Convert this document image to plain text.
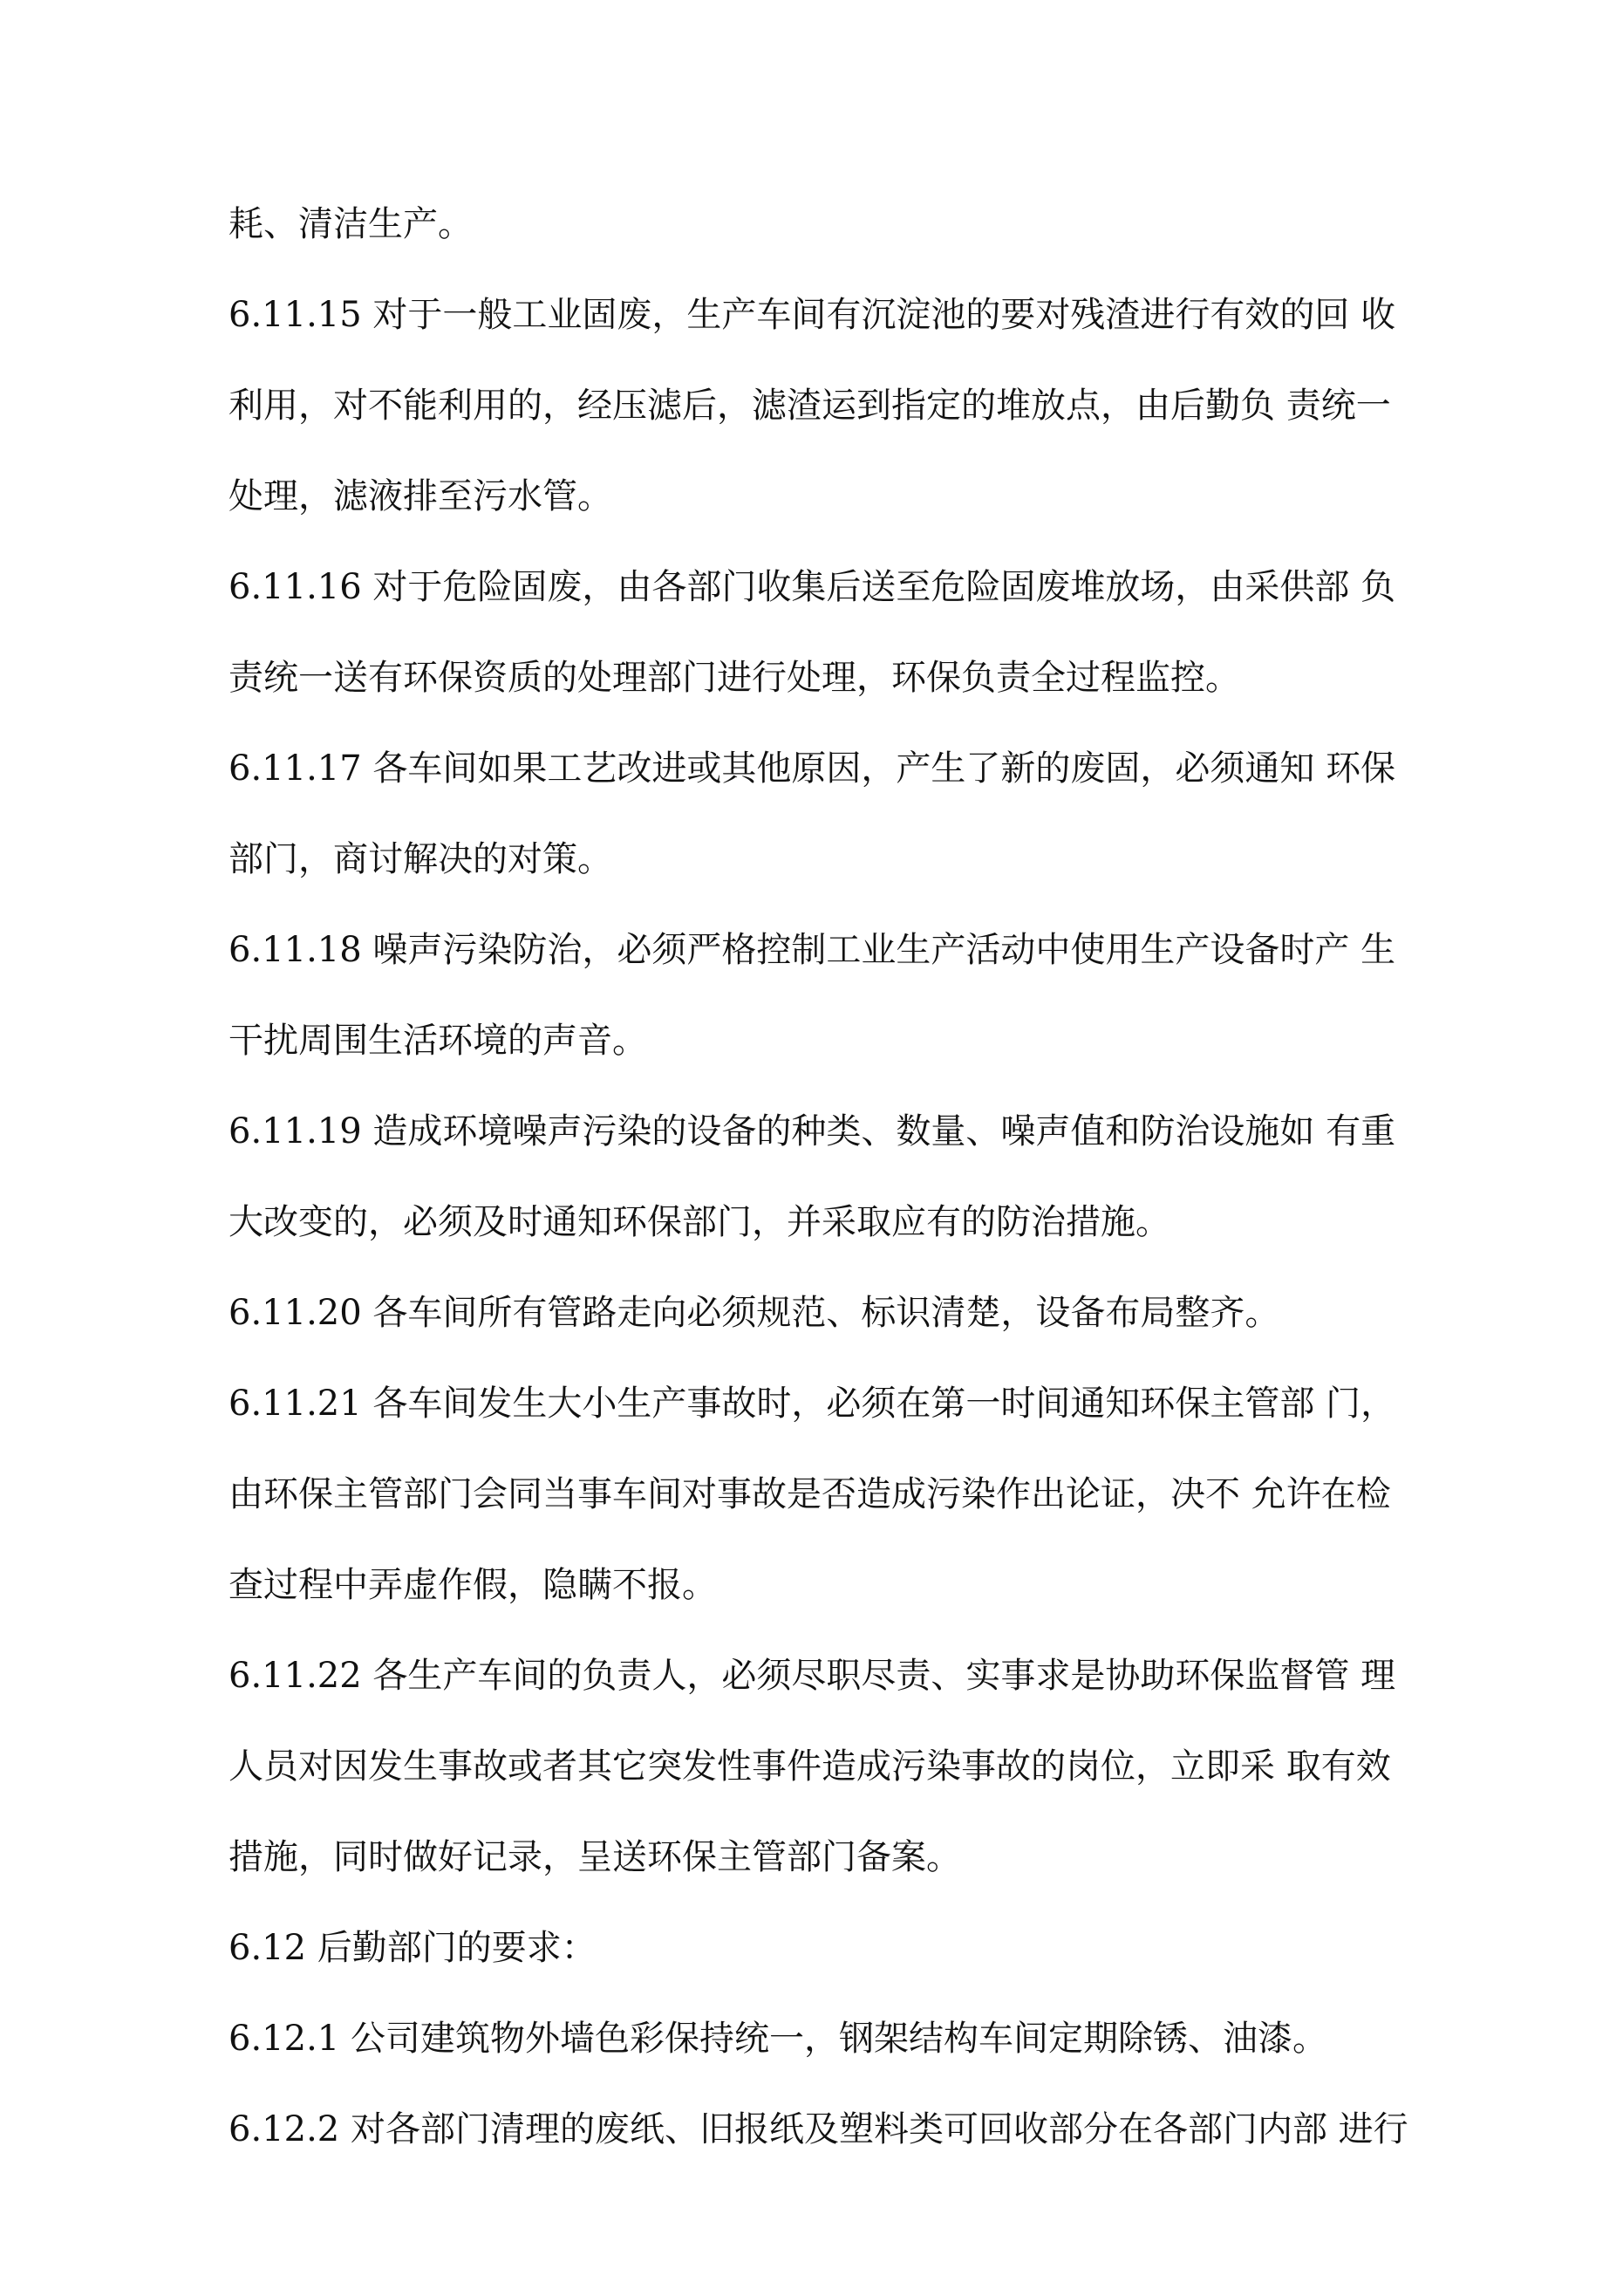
耗、清洁生产。
6.11.15 对于一般工业固废，生产车间有沉淀池的要对残渣进行有效的回 收
利用，对不能利用的，经压滤后，滤渣运到指定的堆放点，由后勤负 责统一
处理，滤液排至污水管。
6.11.16 对于危险固废，由各部门收集后送至危险固废堆放场，由采供部 负
责统一送有环保资质的处理部门进行处理，环保负责全过程监控。
6.11.17 各车间如果工艺改进或其他原因，产生了新的废固，必须通知 环保
部门，商讨解决的对策。
6.11.18 噪声污染防治，必须严格控制工业生产活动中使用生产设备时产 生
干扰周围生活环境的声音。
6.11.19 造成环境噪声污染的设备的种类、数量、噪声值和防治设施如 有重
大改变的，必须及时通知环保部门，并采取应有的防治措施。
6.11.20 各车间所有管路走向必须规范、标识清楚，设备布局整齐。
6.11.21 各车间发生大小生产事故时，必须在第一时间通知环保主管部 门，
由环保主管部门会同当事车间对事故是否造成污染作出论证，决不 允许在检
查过程中弄虚作假，隐瞒不报。
6.11.22 各生产车间的负责人，必须尽职尽责、实事求是协助环保监督管 理
人员对因发生事故或者其它突发性事件造成污染事故的岗位，立即采 取有效
措施，同时做好记录，呈送环保主管部门备案。
6.12 后勤部门的要求：
6.12.1 公司建筑物外墙色彩保持统一，钢架结构车间定期除锈、油漆。
6.12.2 对各部门清理的废纸、旧报纸及塑料类可回收部分在各部门内部 进行
